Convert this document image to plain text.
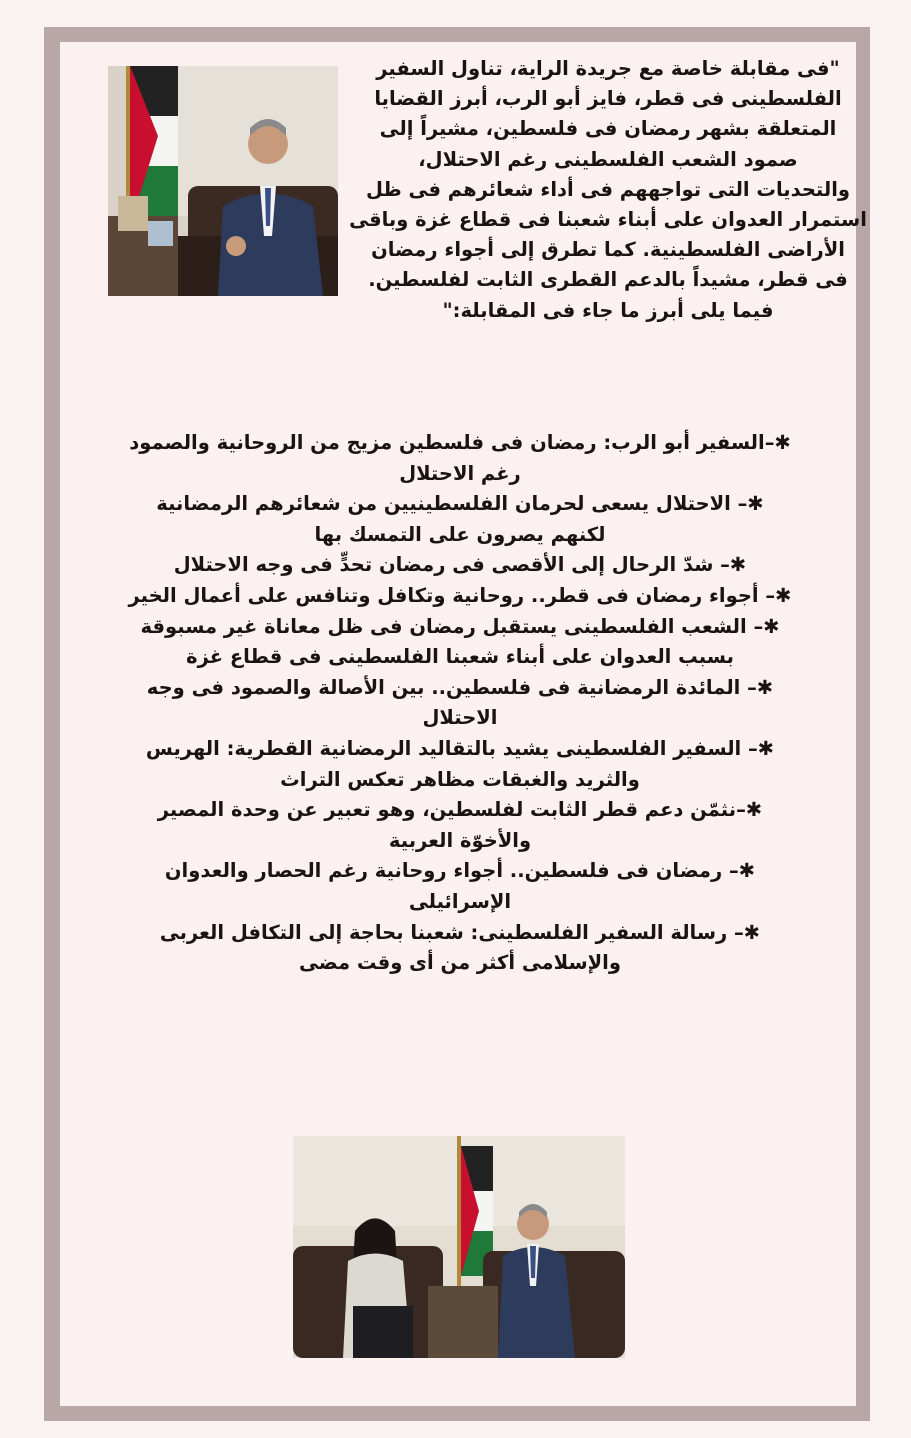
"فى مقابلة خاصة مع جريدة الراية، تناول السفير
الفلسطينى فى قطر، فايز أبو الرب، أبرز القضايا
المتعلقة بشهر رمضان فى فلسطين، مشيراً إلى
صمود الشعب الفلسطينى رغم الاحتلال،
والتحديات التى تواجههم فى أداء شعائرهم فى ظل
استمرار العدوان على أبناء شعبنا فى قطاع غزة وباقى
الأراضى الفلسطينية. كما تطرق إلى أجواء رمضان
فى قطر، مشيداً بالدعم القطرى الثابت لفلسطين.
فيما يلى أبرز ما جاء فى المقابلة:"

✱–السفير أبو الرب: رمضان فى فلسطين مزيج من الروحانية والصمود
رغم الاحتلال
✱– الاحتلال يسعى لحرمان الفلسطينيين من شعائرهم الرمضانية
لكنهم يصرون على التمسك بها
✱– شدّ الرحال إلى الأقصى فى رمضان تحدٍّ فى وجه الاحتلال
✱– أجواء رمضان فى قطر.. روحانية وتكافل وتنافس على أعمال الخير
✱– الشعب الفلسطينى يستقبل رمضان فى ظل معاناة غير مسبوقة
بسبب العدوان على أبناء شعبنا الفلسطينى فى قطاع غزة
✱– المائدة الرمضانية فى فلسطين.. بين الأصالة والصمود فى وجه
الاحتلال
✱– السفير الفلسطينى يشيد بالتقاليد الرمضانية القطرية: الهريس
والثريد والغبقات مظاهر تعكس التراث
✱–نثمّن دعم قطر الثابت لفلسطين، وهو تعبير عن وحدة المصير
والأخوّة العربية
✱– رمضان فى فلسطين.. أجواء روحانية رغم الحصار والعدوان
الإسرائيلى
✱– رسالة السفير الفلسطينى: شعبنا بحاجة إلى التكافل العربى
والإسلامى أكثر من أى وقت مضى
